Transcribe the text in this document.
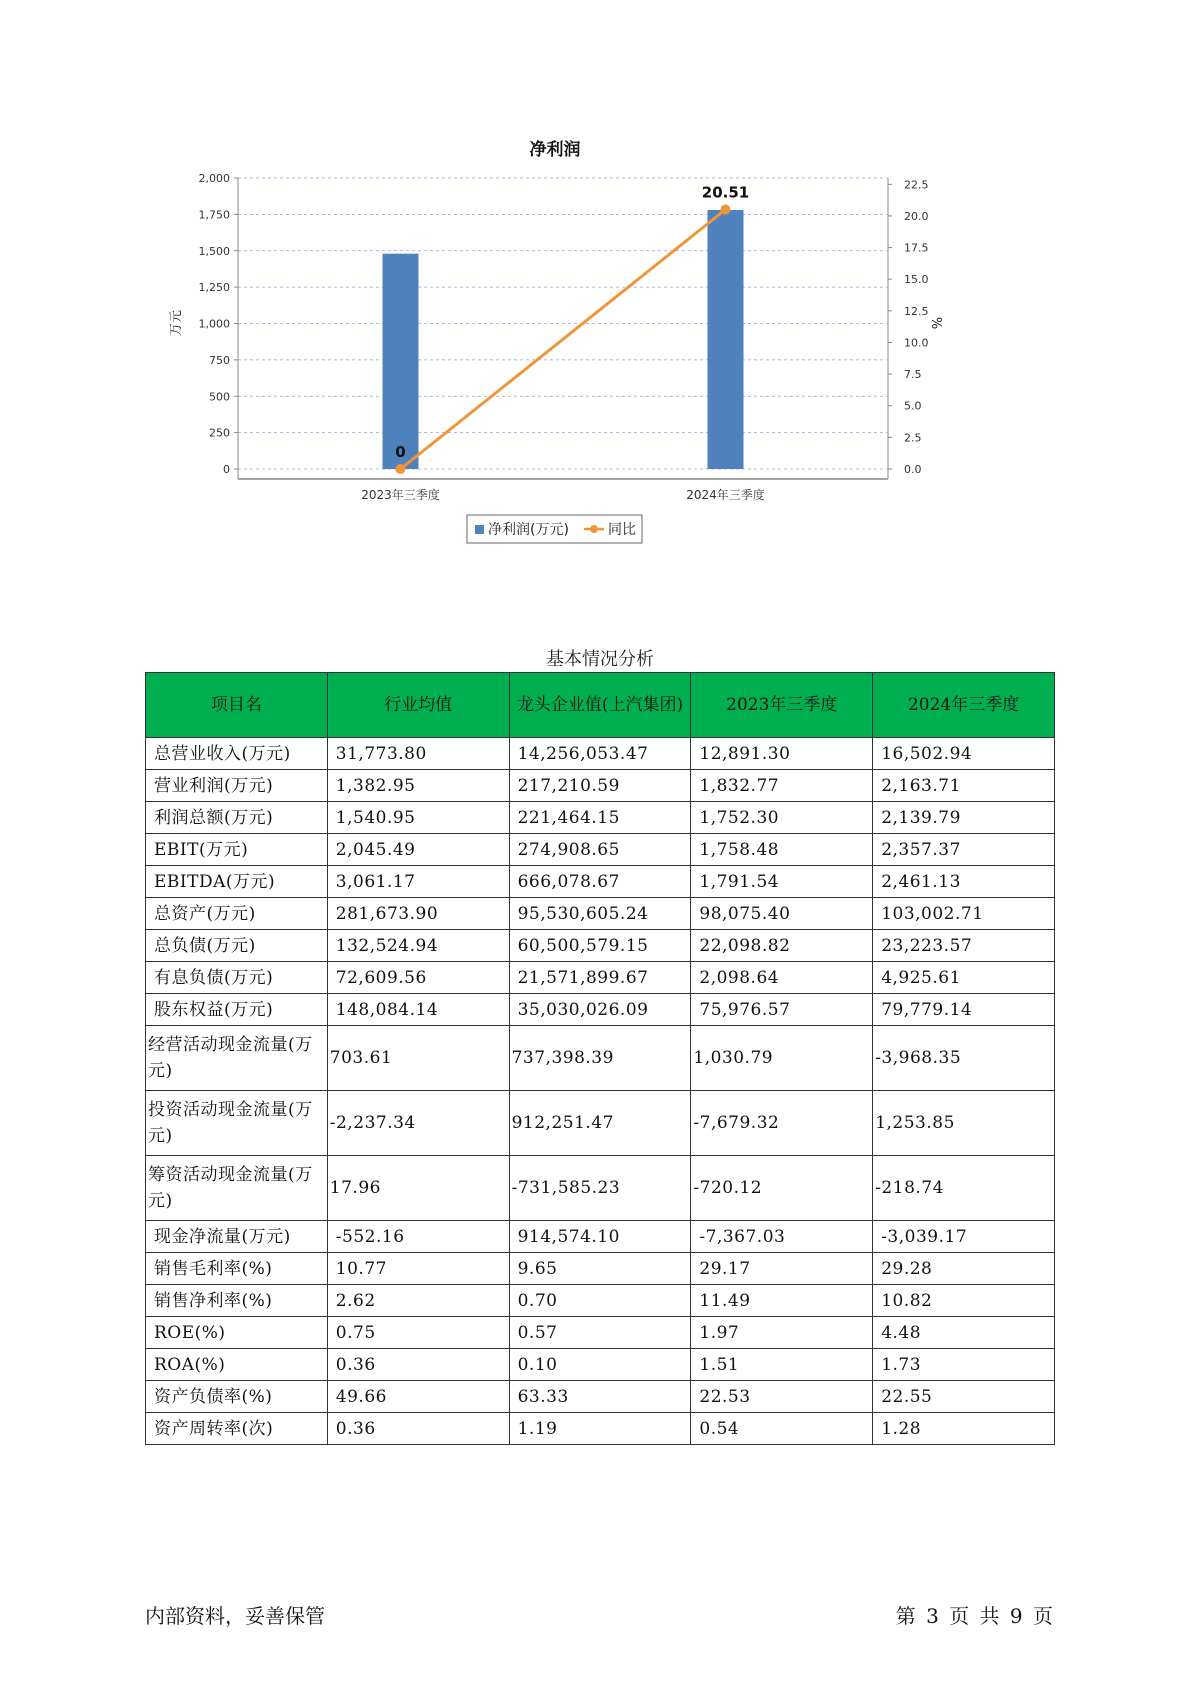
净利润
0
250
500
750
1,000
1,250
1,500
1,750
2,000
0.0
2.5
5.0
7.5
10.0
12.5
15.0
17.5
20.0
22.5
万元	%
2023年三季度	2024年三季度
0
20.51
净利润(万元)	同比
基本情况分析
项目名	行业均值	龙头企业值(上汽集团)	2023年三季度	2024年三季度
总营业收入(万元)	31,773.80	14,256,053.47	12,891.30	16,502.94
营业利润(万元)	1,382.95	217,210.59	1,832.77	2,163.71
利润总额(万元)	1,540.95	221,464.15	1,752.30	2,139.79
EBIT(万元)	2,045.49	274,908.65	1,758.48	2,357.37
EBITDA(万元)	3,061.17	666,078.67	1,791.54	2,461.13
总资产(万元)	281,673.90	95,530,605.24	98,075.40	103,002.71
总负债(万元)	132,524.94	60,500,579.15	22,098.82	23,223.57
有息负债(万元)	72,609.56	21,571,899.67	2,098.64	4,925.61
股东权益(万元)	148,084.14	35,030,026.09	75,976.57	79,779.14
经营活动现金流量(万元)	703.61	737,398.39	1,030.79	-3,968.35
投资活动现金流量(万元)	-2,237.34	912,251.47	-7,679.32	1,253.85
筹资活动现金流量(万元)	17.96	-731,585.23	-720.12	-218.74
现金净流量(万元)	-552.16	914,574.10	-7,367.03	-3,039.17
销售毛利率(%)	10.77	9.65	29.17	29.28
销售净利率(%)	2.62	0.70	11.49	10.82
ROE(%)	0.75	0.57	1.97	4.48
ROA(%)	0.36	0.10	1.51	1.73
资产负债率(%)	49.66	63.33	22.53	22.55
资产周转率(次)	0.36	1.19	0.54	1.28
内部资料，妥善保管	第 3 页 共 9 页
